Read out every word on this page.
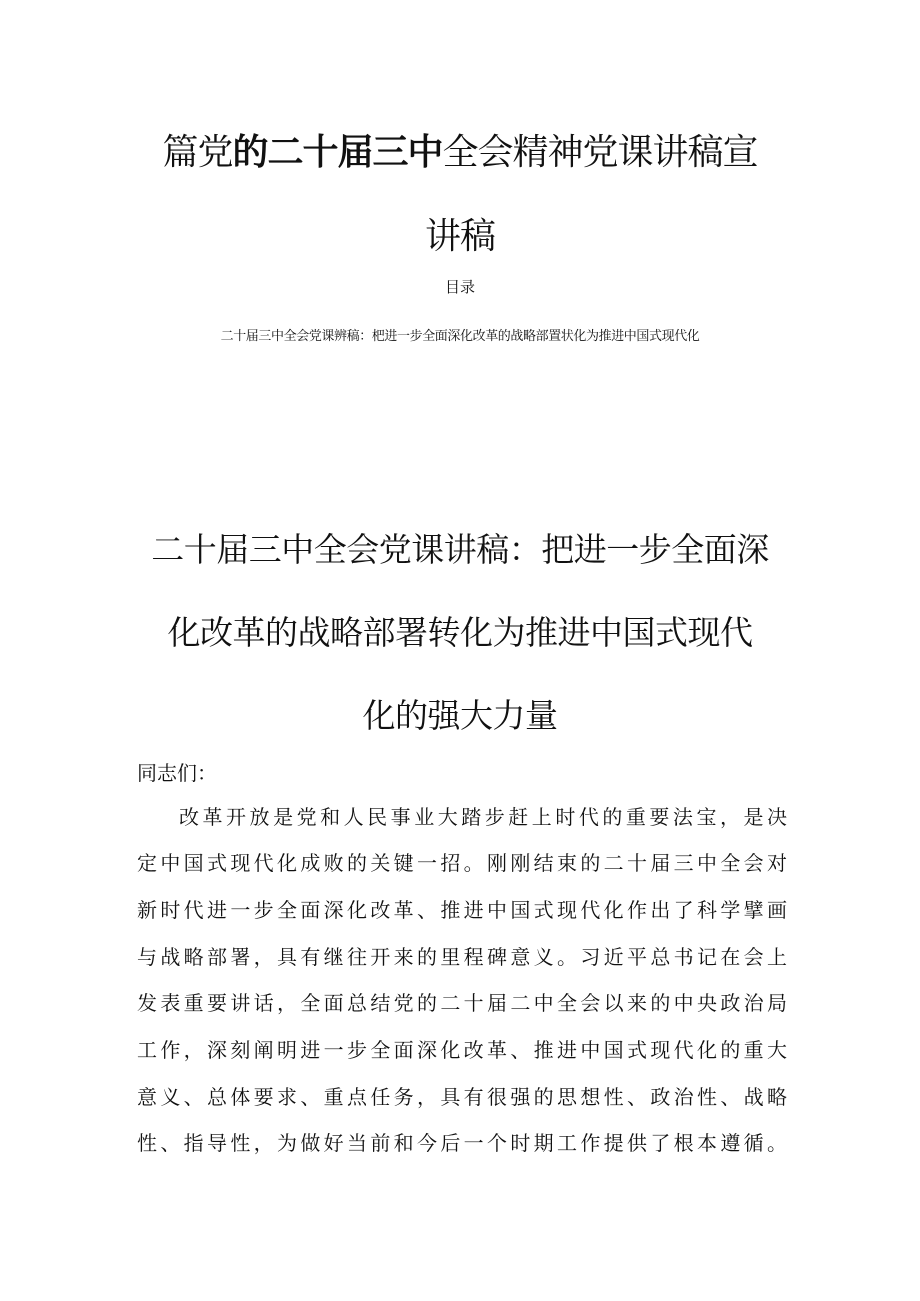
篇党的二十届三中全会精神党课讲稿宣
讲稿
目录
二十届三中全会党课辨稿：杷进一步全面深化改革的战略部置状化为推进中国式现代化
二十届三中全会党课讲稿：把进一步全面深
化改革的战略部署转化为推进中国式现代
化的强大力量
同志们：
改革开放是党和人民事业大踏步赶上时代的重要法宝，是决
定中国式现代化成败的关键一招。刚刚结束的二十届三中全会对
新时代进一步全面深化改革、推进中国式现代化作出了科学擘画
与战略部署，具有继往开来的里程碑意义。习近平总书记在会上
发表重要讲话，全面总结党的二十届二中全会以来的中央政治局
工作，深刻阐明进一步全面深化改革、推进中国式现代化的重大
意义、总体要求、重点任务，具有很强的思想性、政治性、战略
性、指导性，为做好当前和今后一个时期工作提供了根本遵循。
